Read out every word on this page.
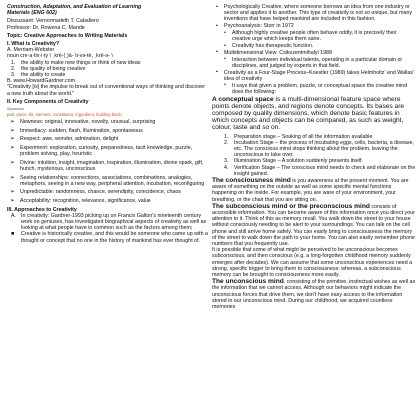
Construction, Adaptation, and Evaluation of Learning

Materials (ENG 602)

Discussant: Vernormadeth T. Caballero

Professor: Dr. Rowena C. Mande

Topic: Creative Approaches to Writing Materials

I. What is Creativity?

A. Merriam-Webster

noun cre·a·tiv·i·ty \ ˌkrē-(ˌ)ā-ˈti-və-tē, ˌkrē-ə- \

1. the ability to make new things or think of new ideas
2. the quality of being creative
3. the ability to create

B. www.HowardGardner.com

"Creativity [is] the impulse to break out of conventional ways of thinking and discover a new truth about the world."

II. Key Components of Creativity

Synonyms

part, piece, bit, element, constituent, ingredient, building block,

➢ Newness: original, innovative, novelty, unusual, surprising
➢ Immediacy: sudden, flash, illumination, spontaneous
➢ Respect: awe, wonder, admiration, delight
➢ Experiment: exploration, curiosity, preparedness, tacit knowledge, puzzle, problem solving, play, heuristic
➢ Divine: intuition, insight, imagination, inspiration, illumination, divine spark, gift, hunch, mysterious, unconscious
➢ Seeing relationships: connections, associations, combinations, analogies, metaphors, seeing in a new way, peripheral attention, incubation, reconfiguring
➢ Unpredictable: randomness, chance, serendipity, coincidence, chaos
➢ Acceptability: recognition, relevance, significance, value

III. Approaches to Creativity

A. In creativity: Gardner-1993 picking up on Francis Galton's nineteenth century work on geniuses, has investigated biographical aspects of creativity as well as looking at what people have in common such as the factors among them;
■ Creative is historically creative, and this would be someone who came up with a thought or concept that no one in the history of mankind has ever thought of.
▪ Psychologically Creative, where someone borrows an idea from one industry or sector and applies it to another. This type of creativity is not so unique, but many inventions that have helped mankind are included in this fashion.
▪ Psychoanalysis: Storr in 1972
• Although highly creative people often behave oddly, it is precisely their creative urge which keeps them sane.
• Creativity has therapeutic function.
▪ Multidimensional View: Csikszentmihalyi 1988
• Interaction between individual talents, operating in a particular domain or disciplines, and judged by experts in that field.
▪ Creativity as a Four-Stage Process–Koestler (1989) takes Helmholtz' and Wallas' idea of creativity
• It says that given a problem, puzzle, or conceptual space the creative mind does the following:

A conceptual space is a multi-dimensional feature space where points denote objects, and regions denote concepts. Its bases are composed by quality dimensions, which denote basic features in which concepts and objects can be compared, as such as weight, colour, taste and so on.

1. Preparation stage – Soaking of all the information available
2. Incubation Stage – the process of incubating eggs, cells, bacteria, a disease, etc. The conscious mind stops thinking about the problem, leaving the unconscious to take over.
3. Illumination Stage – A solution suddenly presents itself.
4. Verification Stage – The conscious mind needs to check and elaborate on the insight gained.

The consciousness mind is you awareness at the present moment. You are aware of something on the outside as well as some specific mental functions happening on the inside. For example, you are ware of your environment, your breathing, or the chair that you are sitting on.

The subconscious mind or the preconscious mind consists of accessible information. You can become aware of this information once you direct your attention to it. Think of this as memory recall. You walk down the street to your house without consciously needing to be alert to your surroundings. You can talk on the cell phone and still arrive home safely. You can easily bring to consciousness the memory of the street to walk down the path to your home. You can also easily remember phone numbers that you frequently use.

It is possible that some of what might be perceived to be unconscious becomes subconscious, and then conscious (e.g. a long-forgotten childhood memory suddenly emerges after decades). We can assume that some unconscious experiences need a strong, specific trigger to bring them to consciousness; whereas, a subconscious memory can be brought to consciousness more easily.

The unconscious mind, consisting of the primitive, instinctual wishes as well as the information that we cannot access. Although our behaviors might indicate the unconscious forces that drive them, we don't have easy access to the information stored in our unconscious mind. During our childhood, we acquired countless memories
